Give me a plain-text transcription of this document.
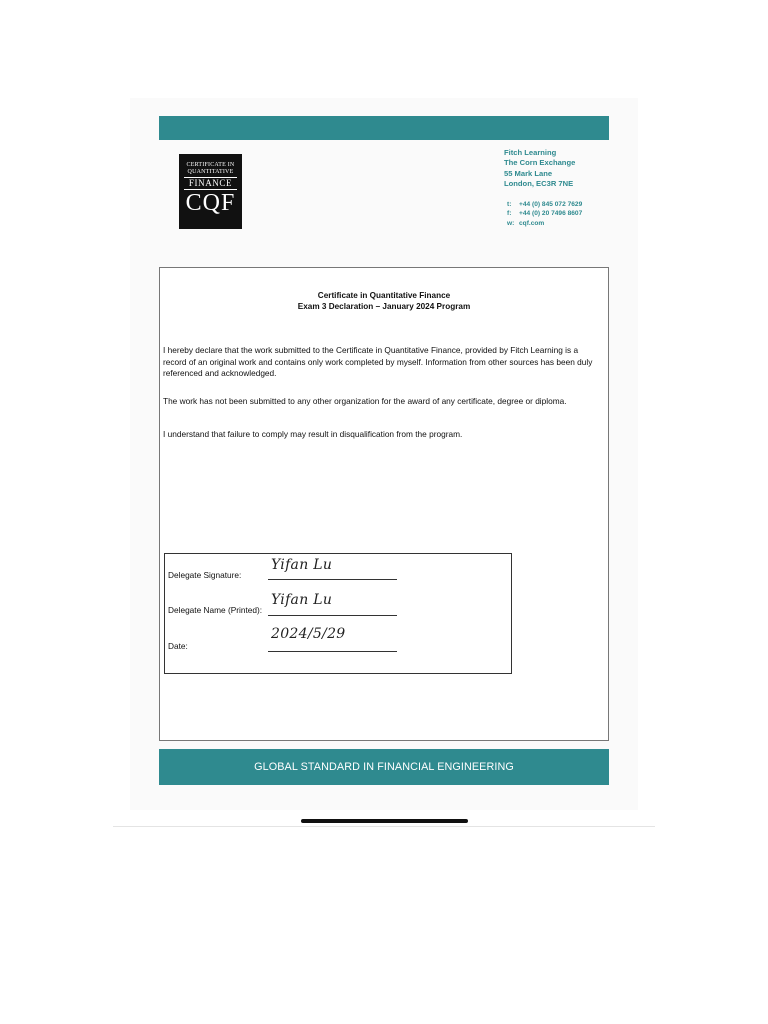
CERTIFICATE IN
QUANTITATIVE
FINANCE
CQF
Fitch Learning
The Corn Exchange
55 Mark Lane
London, EC3R 7NE
t: +44 (0) 845 072 7629
f: +44 (0) 20 7496 8607
w: cqf.com
Certificate in Quantitative Finance
Exam 3 Declaration – January 2024 Program
I hereby declare that the work submitted to the Certificate in Quantitative Finance, provided by Fitch Learning is a record of an original work and contains only work completed by myself. Information from other sources has been duly referenced and acknowledged.
The work has not been submitted to any other organization for the award of any certificate, degree or diploma.
I understand that failure to comply may result in disqualification from the program.
Delegate Signature:
Yifan Lu
Delegate Name (Printed):
Yifan Lu
Date:
2024/5/29
GLOBAL STANDARD IN FINANCIAL ENGINEERING
